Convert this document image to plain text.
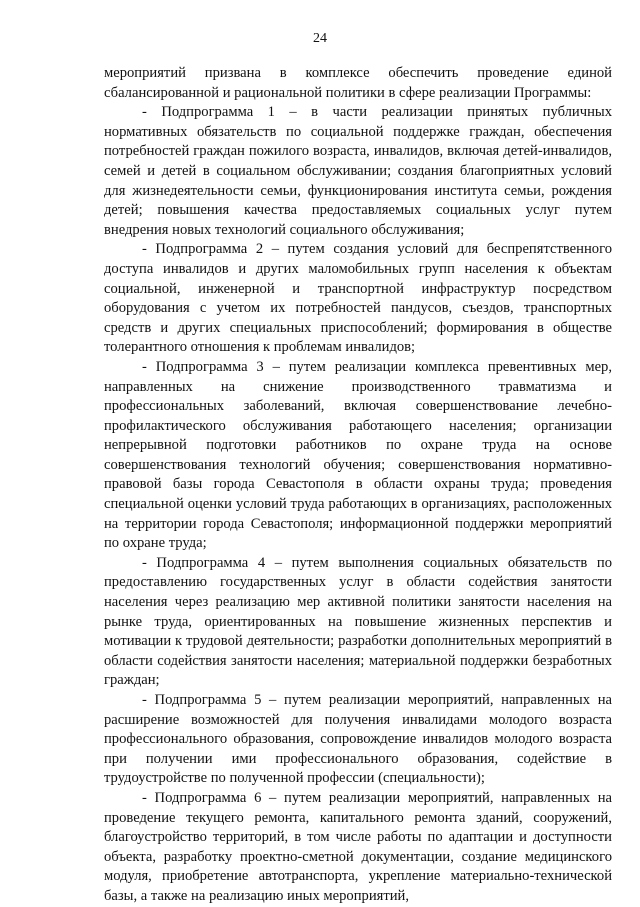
24

мероприятий призвана в комплексе обеспечить проведение единой сбалансированной и рациональной политики в сфере реализации Программы:

- Подпрограмма 1 – в части реализации принятых публичных нормативных обязательств по социальной поддержке граждан, обеспечения потребностей граждан пожилого возраста, инвалидов, включая детей-инвалидов, семей и детей в социальном обслуживании; создания благоприятных условий для жизнедеятельности семьи, функционирования института семьи, рождения детей; повышения качества предоставляемых социальных услуг путем внедрения новых технологий социального обслуживания;

- Подпрограмма 2 – путем создания условий для беспрепятственного доступа инвалидов и других маломобильных групп населения к объектам социальной, инженерной и транспортной инфраструктур посредством оборудования с учетом их потребностей пандусов, съездов, транспортных средств и других специальных приспособлений; формирования в обществе толерантного отношения к проблемам инвалидов;

- Подпрограмма 3 – путем реализации комплекса превентивных мер, направленных на снижение производственного травматизма и профессиональных заболеваний, включая совершенствование лечебно-профилактического обслуживания работающего населения; организации непрерывной подготовки работников по охране труда на основе совершенствования технологий обучения; совершенствования нормативно-правовой базы города Севастополя в области охраны труда; проведения специальной оценки условий труда работающих в организациях, расположенных на территории города Севастополя; информационной поддержки мероприятий по охране труда;

- Подпрограмма 4 – путем выполнения социальных обязательств по предоставлению государственных услуг в области содействия занятости населения через реализацию мер активной политики занятости населения на рынке труда, ориентированных на повышение жизненных перспектив и мотивации к трудовой деятельности; разработки дополнительных мероприятий в области содействия занятости населения; материальной поддержки безработных граждан;

- Подпрограмма 5 – путем реализации мероприятий, направленных на расширение возможностей для получения инвалидами молодого возраста профессионального образования, сопровождение инвалидов молодого возраста при получении ими профессионального образования, содействие в трудоустройстве по полученной профессии (специальности);

- Подпрограмма 6 – путем реализации мероприятий, направленных на проведение текущего ремонта, капитального ремонта зданий, сооружений, благоустройство территорий, в том числе работы по адаптации и доступности объекта, разработку проектно-сметной документации, создание медицинского модуля, приобретение автотранспорта, укрепление материально-технической базы, а также на реализацию иных мероприятий,
